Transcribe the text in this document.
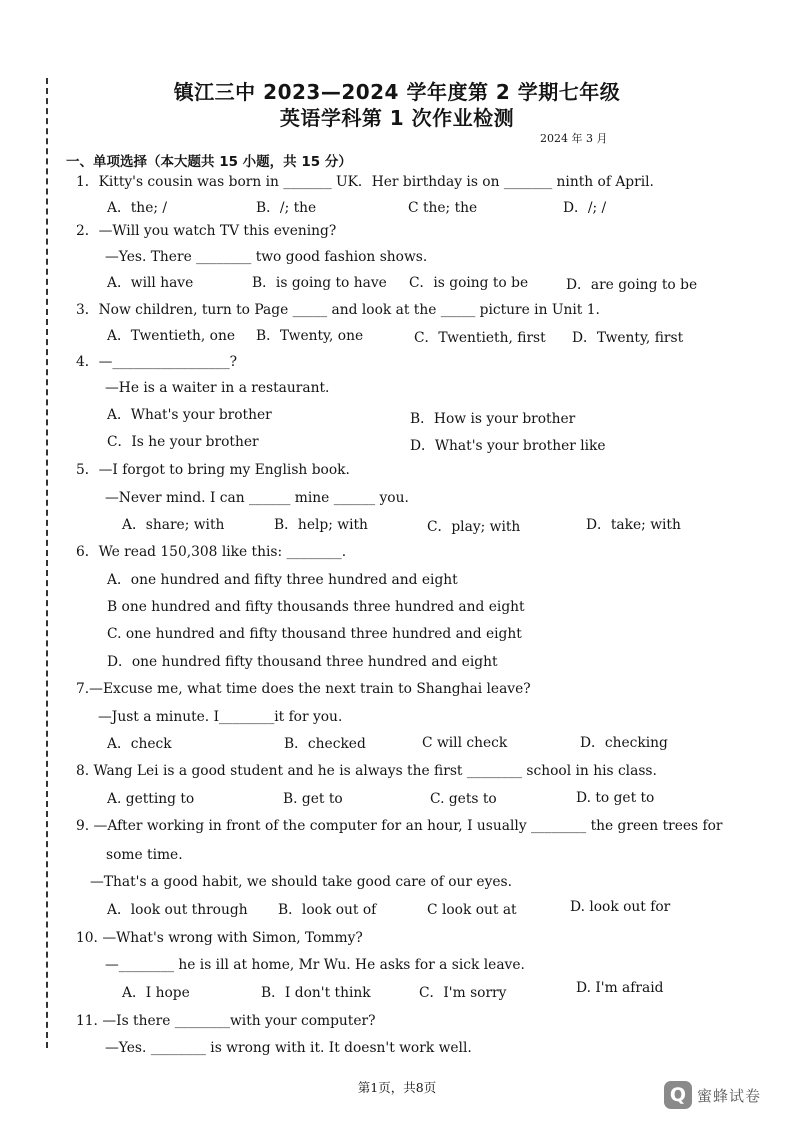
镇江三中 2023—2024 学年度第 2 学期七年级
英语学科第 1 次作业检测
2024 年 3 月
一、单项选择（本大题共 15 小题，共 15 分）
1．Kitty's cousin was born in _______ UK．Her birthday is on _______ ninth of April.
A．the; /	B．/; the	C the; the	D．/; /
2．—Will you watch TV this evening?
—Yes. There ________ two good fashion shows.
A．will have	B．is going to have C．is going to be	D．are going to be
3．Now children, turn to Page _____ and look at the _____ picture in Unit 1.
A．Twentieth, one B．Twenty, one	C．Twentieth, first D．Twenty, first
4．—_________________?
—He is a waiter in a restaurant.
A．What's your brother	B．How is your brother
C．Is he your brother	D．What's your brother like
5．—I forgot to bring my English book.
—Never mind. I can ______ mine ______ you.
A．share; with	B．help; with	C．play; with	D．take; with
6．We read 150,308 like this: ________.
A．one hundred and fifty three hundred and eight
B one hundred and fifty thousands three hundred and eight
C. one hundred and fifty thousand three hundred and eight
D．one hundred fifty thousand three hundred and eight
7.—Excuse me, what time does the next train to Shanghai leave?
—Just a minute. I________it for you.
A．check	B．checked	C will check	D．checking
8. Wang Lei is a good student and he is always the first ________ school in his class.
A. getting to	B. get to	C. gets to	D. to get to
9. —After working in front of the computer for an hour, I usually ________ the green trees for
some time.
—That's a good habit, we should take good care of our eyes.
A．look out through B．look out of	C look out at	D. look out for
10. —What's wrong with Simon, Tommy?
—________ he is ill at home, Mr Wu. He asks for a sick leave.
A．I hope	B．I don't think	C．I'm sorry	D. I'm afraid
11. —Is there ________with your computer?
—Yes. ________ is wrong with it. It doesn't work well.
第1页，共8页	Q 蜜蜂试卷
